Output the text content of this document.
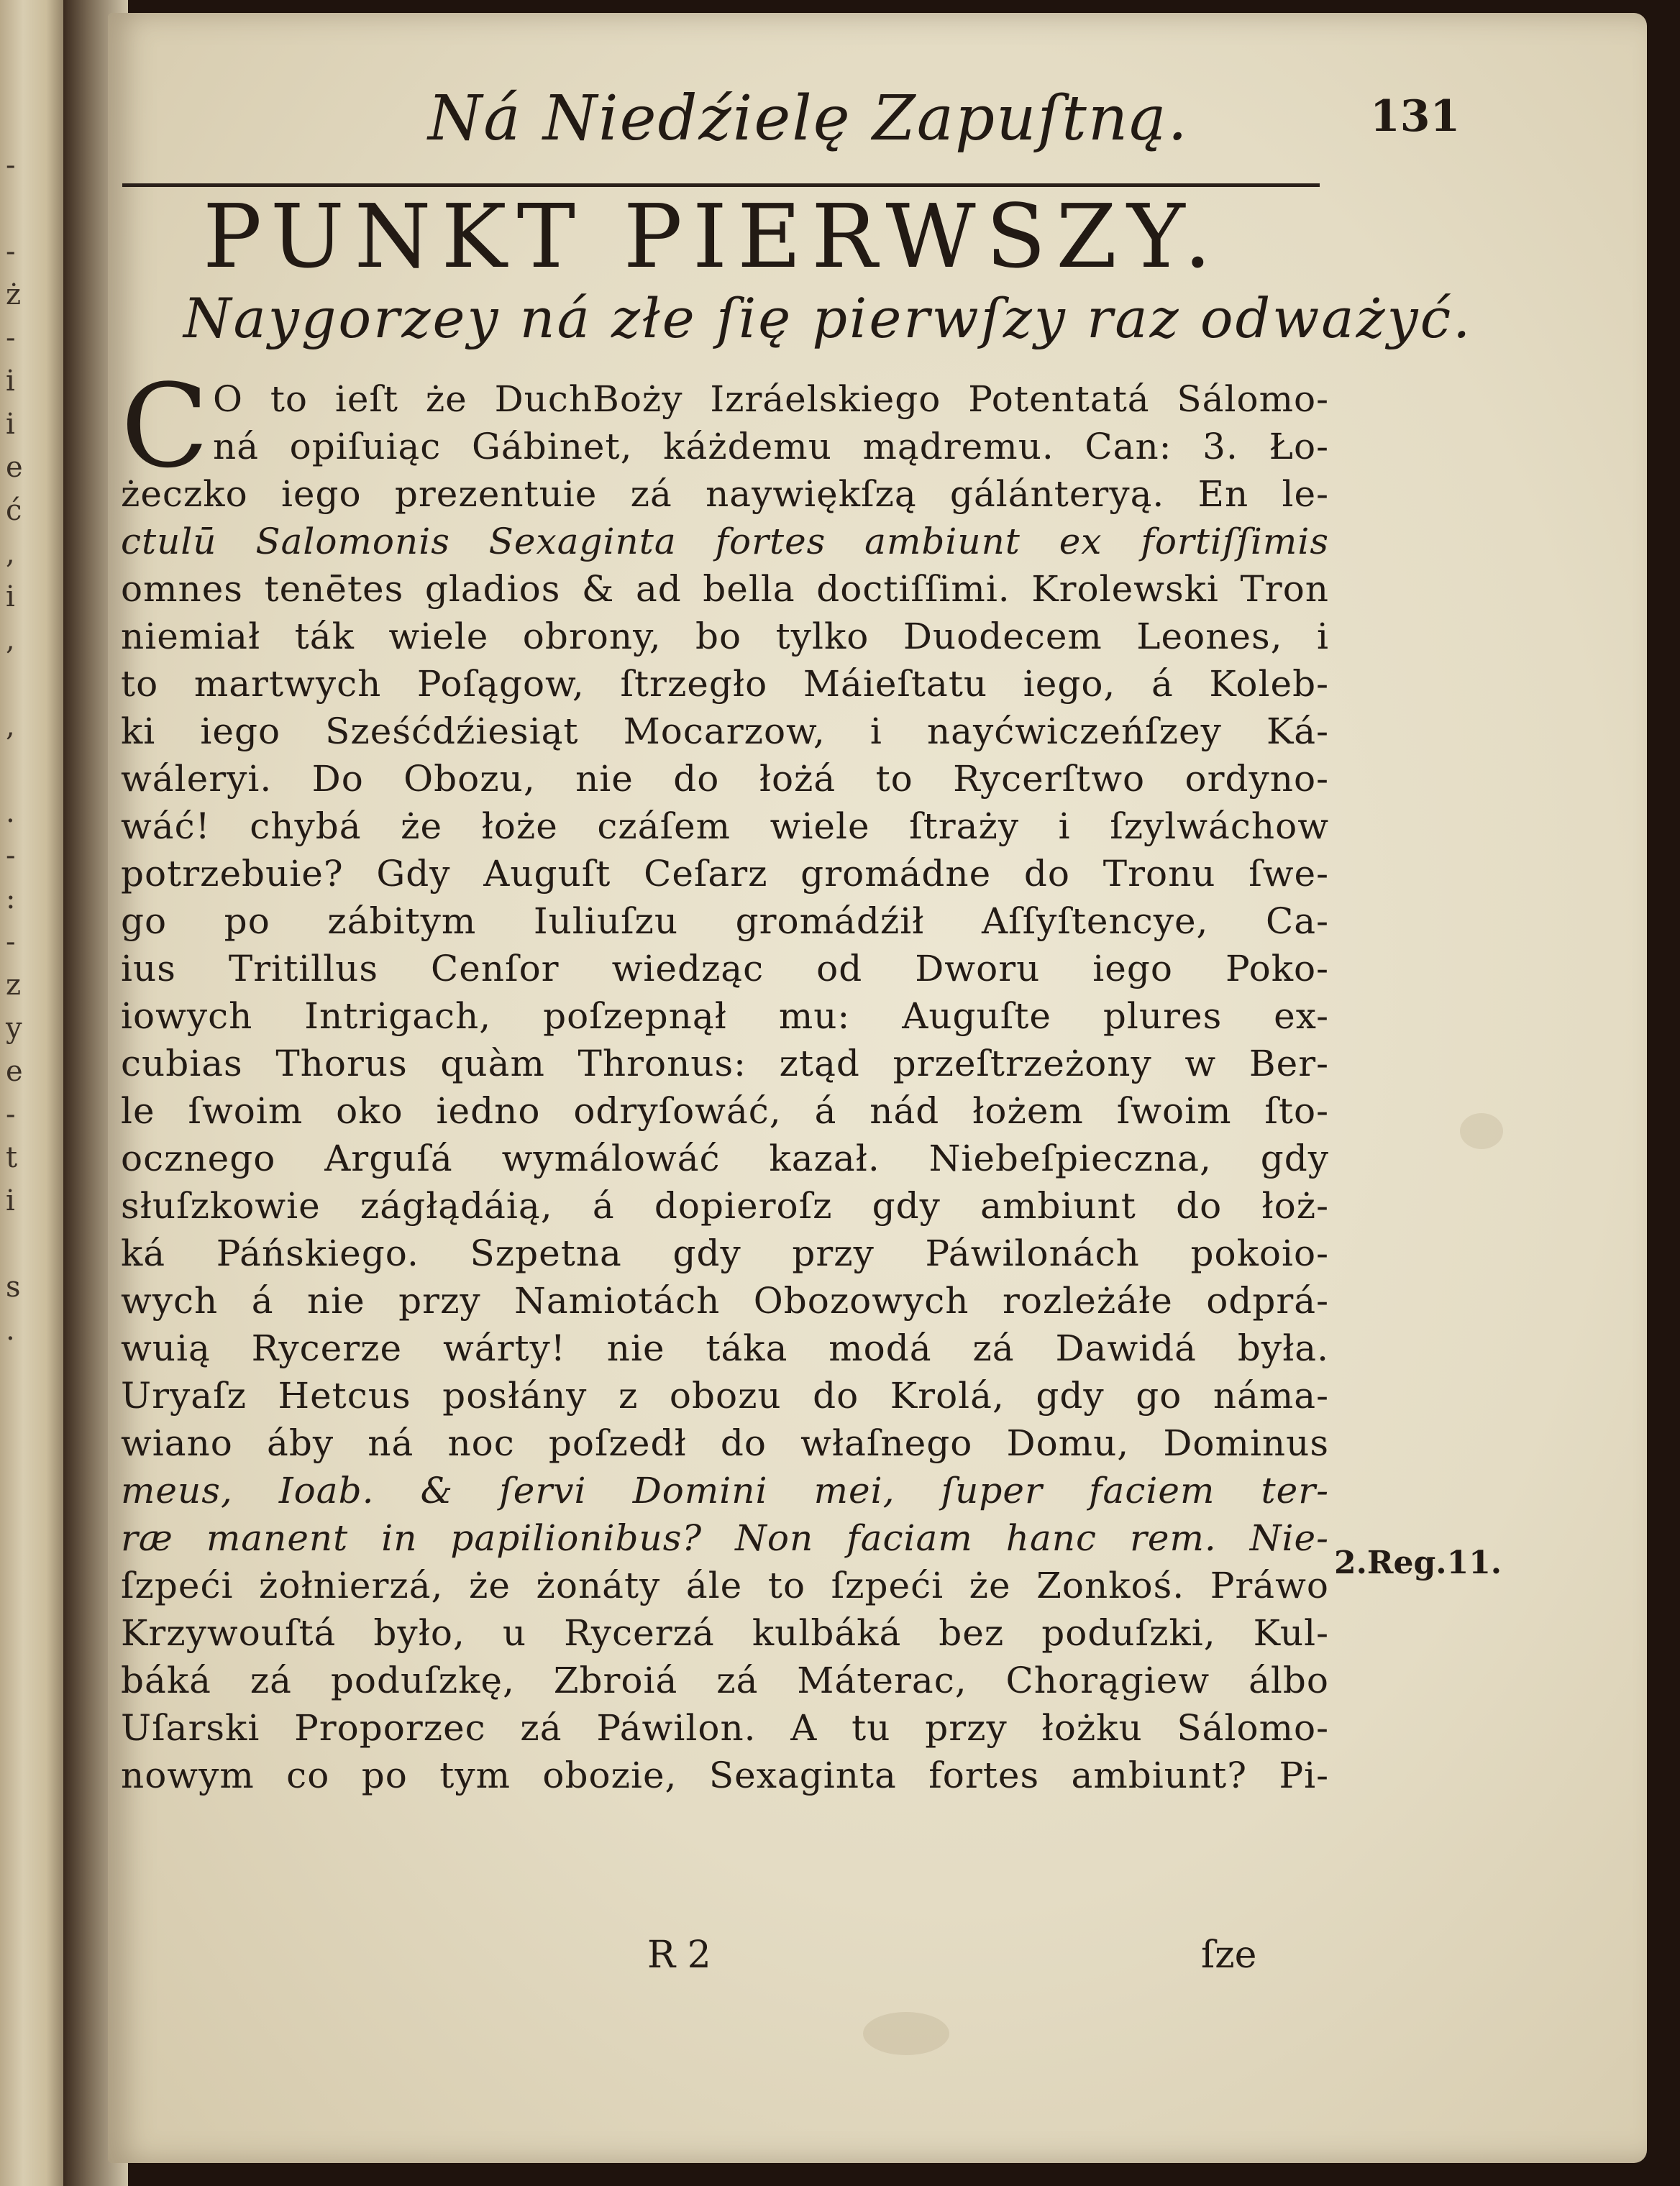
-

-
ż
-
i
i
e
ć
,
i
,

,

.
-
:
-
z
y
e
-
t
i

s
.
Ná Niedźielę Zapuſtną.	131
PUNKT PIERWSZY.
Naygorzey ná złe ſię pierwſzy raz odważyć.
C O to ieſt że DuchBoży Izráelskiego Potentatá Sálomo-
ná opiſuiąc Gábinet, káżdemu mądremu. Can: 3. Ło-
żeczko iego prezentuie zá naywiękſzą gálánteryą. En le-
ctulū Salomonis Sexaginta fortes ambiunt ex fortiſſimis
omnes tenētes gladios & ad bella doctiſſimi. Krolewski Tron
niemiał ták wiele obrony, bo tylko Duodecem Leones, i
to martwych Poſągow, ſtrzegło Máieſtatu iego, á Koleb-
ki iego Sześćdźiesiąt Mocarzow, i nayćwiczeńſzey Ká-
wáleryi. Do Obozu, nie do łożá to Rycerſtwo ordyno-
wáć! chybá że łoże czáſem wiele ſtraży i ſzylwáchow
potrzebuie? Gdy Auguſt Ceſarz gromádne do Tronu ſwe-
go po zábitym Iuliuſzu gromádźił Aſſyſtencye, Ca-
ius Tritillus Cenſor wiedząc od Dworu iego Poko-
iowych Intrigach, poſzepnął mu: Auguſte plures ex-
cubias Thorus quàm Thronus: ztąd przeſtrzeżony w Ber-
le ſwoim oko iedno odryſowáć, á nád łożem ſwoim ſto-
ocznego Arguſá wymálowáć kazał. Niebeſpieczna, gdy
słuſzkowie zágłądáią, á dopieroſz gdy ambiunt do łoż-
ká Páńskiego. Szpetna gdy przy Páwilonách pokoio-
wych á nie przy Namiotách Obozowych rozleżáłe odprá-
wuią Rycerze wárty! nie táka modá zá Dawidá była.
Uryaſz Hetcus posłány z obozu do Krolá, gdy go náma-
wiano áby ná noc poſzedł do właſnego Domu, Dominus
meus, Ioab. & ſervi Domini mei, ſuper faciem ter-
ræ manent in papilionibus? Non faciam hanc rem. Nie-
ſzpeći żołnierzá, że żonáty ále to ſzpeći że Zonkoś. Práwo
Krzywouſtá było, u Rycerzá kulbáká bez poduſzki, Kul-
báká zá poduſzkę, Zbroiá zá Máterac, Chorągiew álbo
Uſarski Proporzec zá Páwilon. A tu przy łożku Sálomo-
nowym co po tym obozie, Sexaginta fortes ambiunt? Pi-
2.Reg.11.
R 2	ſze
